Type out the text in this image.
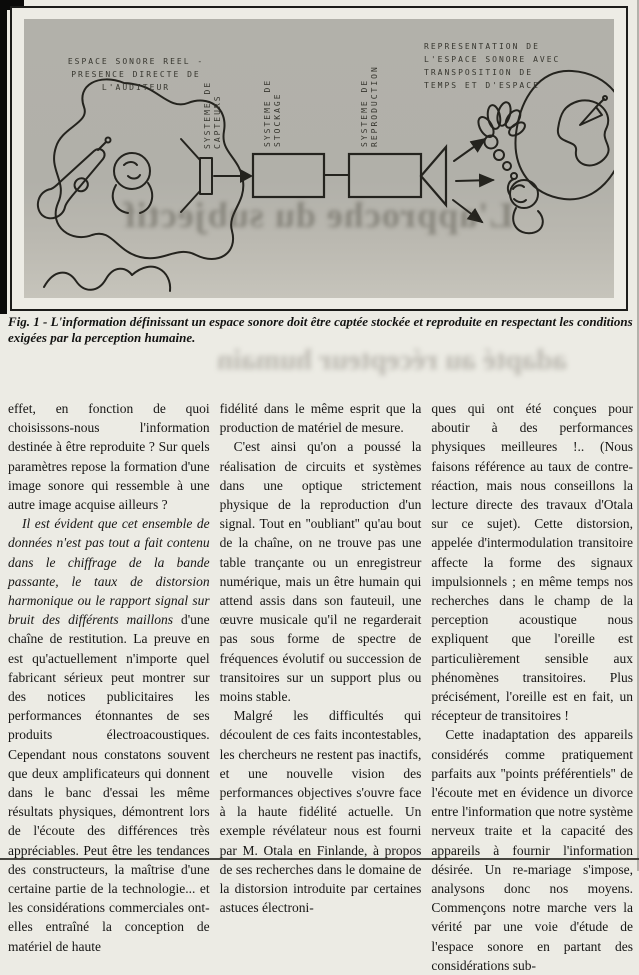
ESPACE SONORE REEL -
PRESENCE DIRECTE DE
L'AUDITEUR	SYSTEME DE CAPTEURS	SYSTEME DE STOCKAGE	SYSTEME DE REPRODUCTION
REPRESENTATION DE
L'ESPACE SONORE AVEC
TRANSPOSITION DE
TEMPS ET D'ESPACE
L'approche du subjectif
adapté au récepteur humain
Fig. 1 - L'information définissant un espace sonore doit être captée stockée et reproduite en respectant les conditions exigées par la perception humaine.

effet, en fonction de quoi choisissons-nous l'information destinée à être reproduite ? Sur quels paramètres repose la formation d'une image sonore qui ressemble à une autre image acquise ailleurs ?

Il est évident que cet ensemble de données n'est pas tout a fait contenu dans le chiffrage de la bande passante, le taux de distorsion harmonique ou le rapport signal sur bruit des différents maillons d'une chaîne de restitution. La preuve en est qu'actuellement n'importe quel fabricant sérieux peut montrer sur des notices publicitaires les performances étonnantes de ses produits électroacoustiques. Cependant nous constatons souvent que deux amplificateurs qui donnent dans le banc d'essai les même résultats physiques, démontrent lors de l'écoute des différences très appréciables. Peut être les tendances des constructeurs, la maîtrise d'une certaine partie de la technologie... et les considérations commerciales ont-elles entraîné la conception de matériel de haute

fidélité dans le même esprit que la production de matériel de mesure.

C'est ainsi qu'on a poussé la réalisation de circuits et systèmes dans une optique strictement physique de la reproduction d'un signal. Tout en ''oubliant'' qu'au bout de la chaîne, on ne trouve pas une table trançante ou un enregistreur numérique, mais un être humain qui attend assis dans son fauteuil, une œuvre musicale qu'il ne regarderait pas sous forme de spectre de fréquences évolutif ou succession de transitoires sur un support plus ou moins stable.

Malgré les difficultés qui découlent de ces faits incontestables, les chercheurs ne restent pas inactifs, et une nouvelle vision des performances objectives s'ouvre face à la haute fidélité actuelle. Un exemple révélateur nous est fourni par M. Otala en Finlande, à propos de ses recherches dans le domaine de la distorsion introduite par certaines astuces électroni-

ques qui ont été conçues pour aboutir à des performances physiques meilleures !.. (Nous faisons référence au taux de contre-réaction, mais nous conseillons la lecture directe des travaux d'Otala sur ce sujet). Cette distorsion, appelée d'intermodulation transitoire affecte la forme des signaux impulsionnels ; en même temps nos recherches dans le champ de la perception acoustique nous expliquent que l'oreille est particulièrement sensible aux phénomènes transitoires. Plus précisément, l'oreille est en fait, un récepteur de transitoires !

Cette inadaptation des appareils considérés comme pratiquement parfaits aux ''points préférentiels'' de l'écoute met en évidence un divorce entre l'information que notre système nerveux traite et la capacité des appareils à fournir l'information désirée. Un re-mariage s'impose, analysons donc nos moyens. Commençons notre marche vers la vérité par une voie d'étude de l'espace sonore en partant des considérations sub-
